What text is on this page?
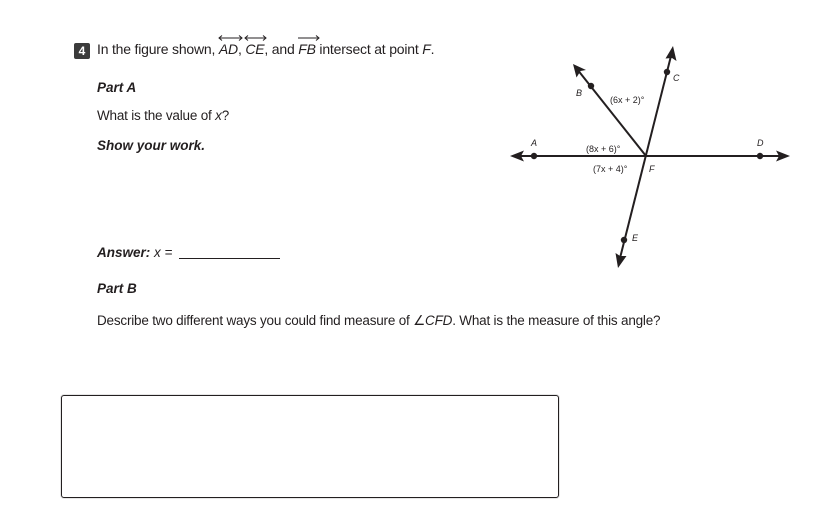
4 In the figure shown,
AD,
CE, and
FB intersect at point F.
Part A
What is the value of x?
Show your work.
Answer: x =
Part B
Describe two different ways you could find measure of ∠CFD. What is the measure of this angle?
A	D
C
B
E
F
(6x + 2)°
(8x + 6)°
(7x + 4)°
